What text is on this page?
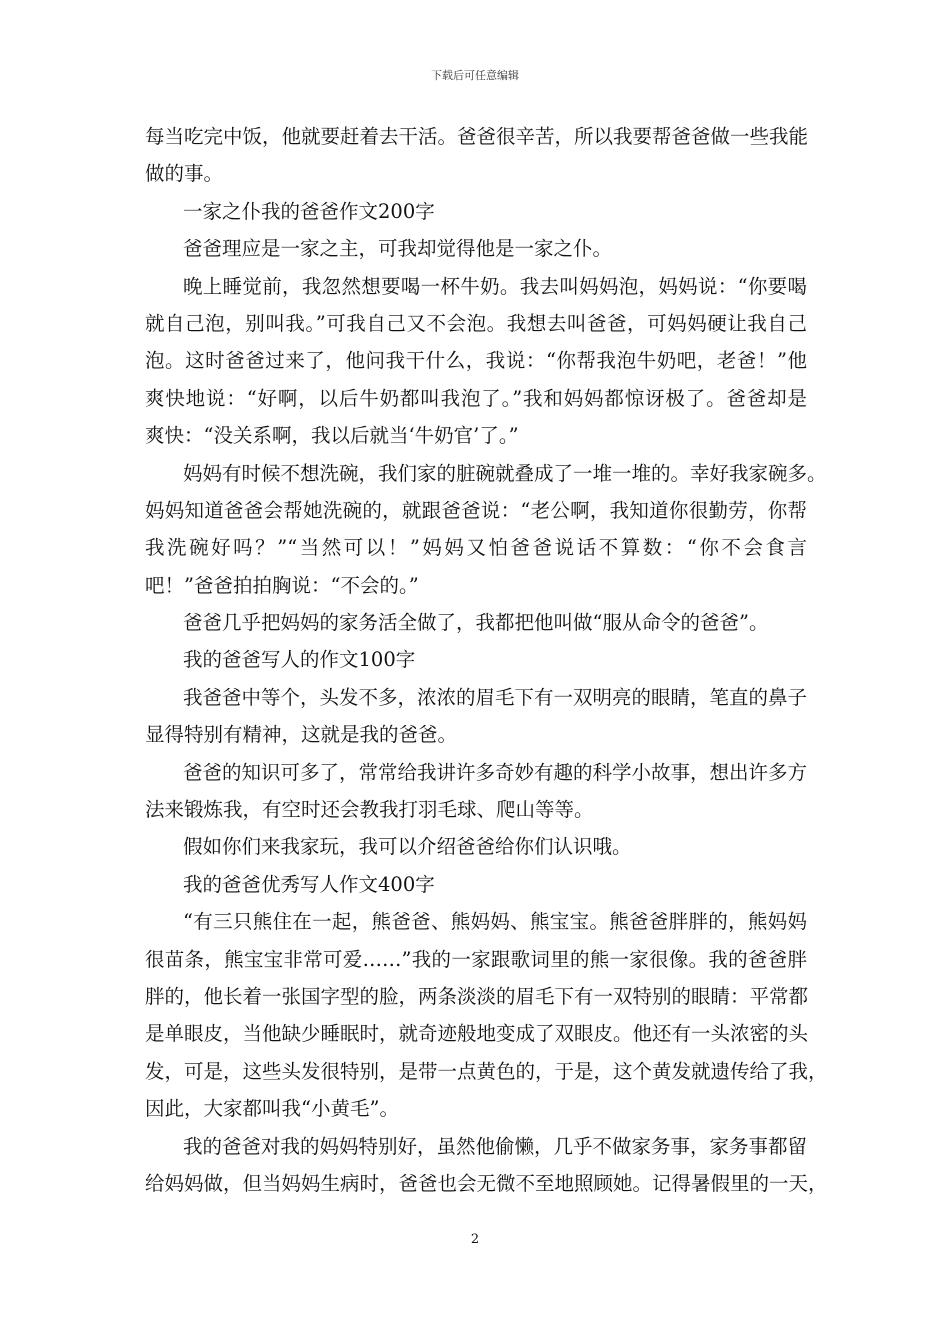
下载后可任意编辑
每当吃完中饭，他就要赶着去干活。爸爸很辛苦，所以我要帮爸爸做一些我能
做的事。
一家之仆我的爸爸作文200字
爸爸理应是一家之主，可我却觉得他是一家之仆。
晚上睡觉前，我忽然想要喝一杯牛奶。我去叫妈妈泡，妈妈说：“你要喝
就自己泡，别叫我。”可我自己又不会泡。我想去叫爸爸，可妈妈硬让我自己
泡。这时爸爸过来了，他问我干什么，我说：“你帮我泡牛奶吧，老爸！”他
爽快地说：“好啊，以后牛奶都叫我泡了。”我和妈妈都惊讶极了。爸爸却是
爽快：“没关系啊，我以后就当‘牛奶官’了。”
妈妈有时候不想洗碗，我们家的脏碗就叠成了一堆一堆的。幸好我家碗多。
妈妈知道爸爸会帮她洗碗的，就跟爸爸说：“老公啊，我知道你很勤劳，你帮
我洗碗好吗？”“当然可以！”妈妈又怕爸爸说话不算数：“你不会食言
吧！”爸爸拍拍胸说：“不会的。”
爸爸几乎把妈妈的家务活全做了，我都把他叫做“服从命令的爸爸”。
我的爸爸写人的作文100字
我爸爸中等个，头发不多，浓浓的眉毛下有一双明亮的眼睛，笔直的鼻子
显得特别有精神，这就是我的爸爸。
爸爸的知识可多了，常常给我讲许多奇妙有趣的科学小故事，想出许多方
法来锻炼我，有空时还会教我打羽毛球、爬山等等。
假如你们来我家玩，我可以介绍爸爸给你们认识哦。
我的爸爸优秀写人作文400字
“有三只熊住在一起，熊爸爸、熊妈妈、熊宝宝。熊爸爸胖胖的，熊妈妈
很苗条，熊宝宝非常可爱……”我的一家跟歌词里的熊一家很像。我的爸爸胖
胖的，他长着一张国字型的脸，两条淡淡的眉毛下有一双特别的眼睛：平常都
是单眼皮，当他缺少睡眠时，就奇迹般地变成了双眼皮。他还有一头浓密的头
发，可是，这些头发很特别，是带一点黄色的，于是，这个黄发就遗传给了我，
因此，大家都叫我“小黄毛”。
我的爸爸对我的妈妈特别好，虽然他偷懒，几乎不做家务事，家务事都留
给妈妈做，但当妈妈生病时，爸爸也会无微不至地照顾她。记得暑假里的一天，
2
